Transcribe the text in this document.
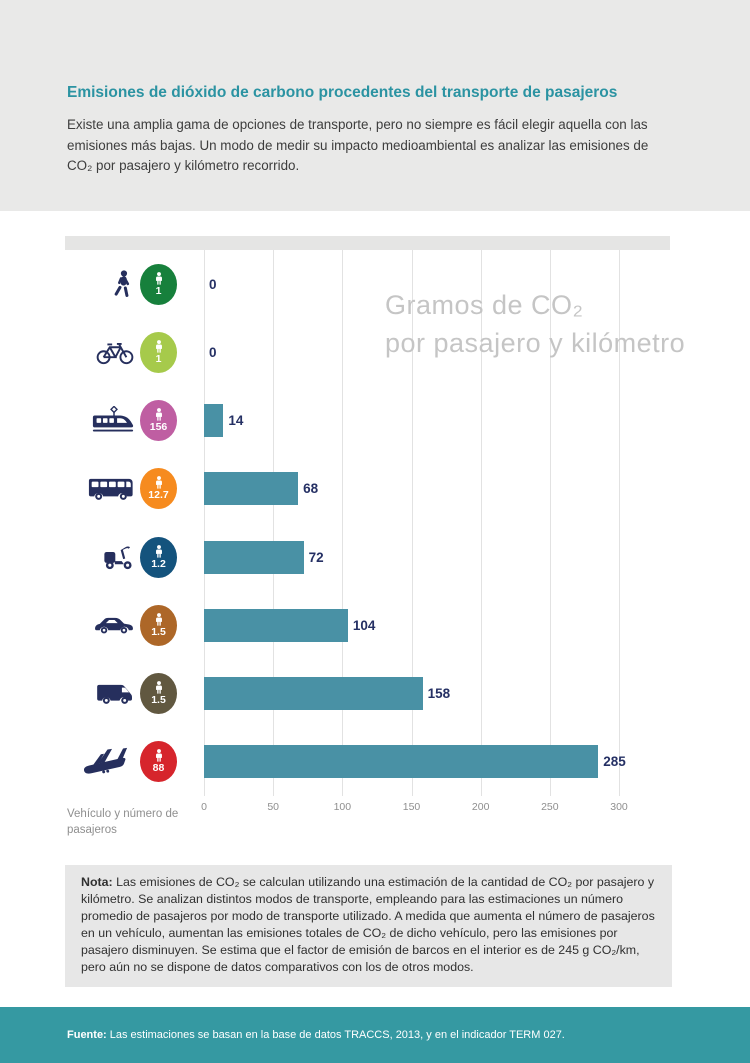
Emisiones de dióxido de carbono procedentes del transporte de pasajeros

Existe una amplia gama de opciones de transporte, pero no siempre es fácil elegir aquella con las emisiones más bajas. Un modo de medir su impacto medioambiental es analizar las emisiones de CO₂ por pasajero y kilómetro recorrido.

Gramos de CO₂
por pasajero y kilómetro
1	0
1	0
156	14
12.7	68
1.2	72
1.5	104
1.5	158
88	285
0	50	100	150	200	250	300
Vehículo y número de pasajeros
Nota: Las emisiones de CO₂ se calculan utilizando una estimación de la cantidad de CO₂ por pasajero y kilómetro. Se analizan distintos modos de transporte, empleando para las estimaciones un número promedio de pasajeros por modo de transporte utilizado. A medida que aumenta el número de pasajeros en un vehículo, aumentan las emisiones totales de CO₂ de dicho vehículo, pero las emisiones por pasajero disminuyen. Se estima que el factor de emisión de barcos en el interior es de 245 g CO₂/km, pero aún no se dispone de datos comparativos con los de otros modos.
Fuente: Las estimaciones se basan en la base de datos TRACCS, 2013, y en el indicador TERM 027.
